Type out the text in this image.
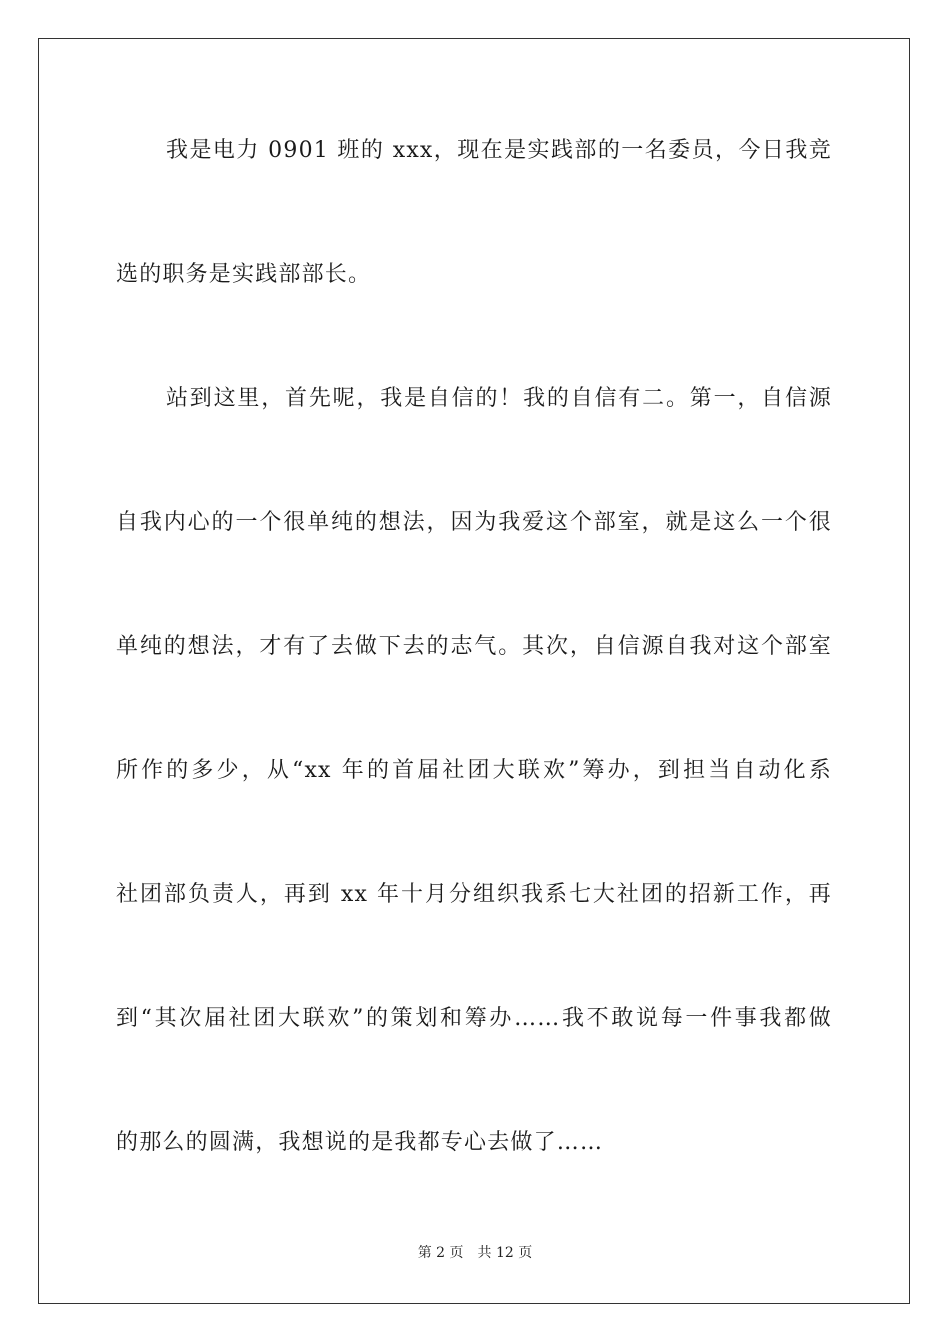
我是电力 0901 班的 xxx，现在是实践部的一名委员，今日我竞
选的职务是实践部部长。
站到这里，首先呢，我是自信的！我的自信有二。第一，自信源
自我内心的一个很单纯的想法，因为我爱这个部室，就是这么一个很
单纯的想法，才有了去做下去的志气。其次，自信源自我对这个部室
所作的多少，从“xx 年的首届社团大联欢”筹办，到担当自动化系
社团部负责人，再到 xx 年十月分组织我系七大社团的招新工作，再
到“其次届社团大联欢”的策划和筹办……我不敢说每一件事我都做
的那么的圆满，我想说的是我都专心去做了……
第 2 页 共 12 页
